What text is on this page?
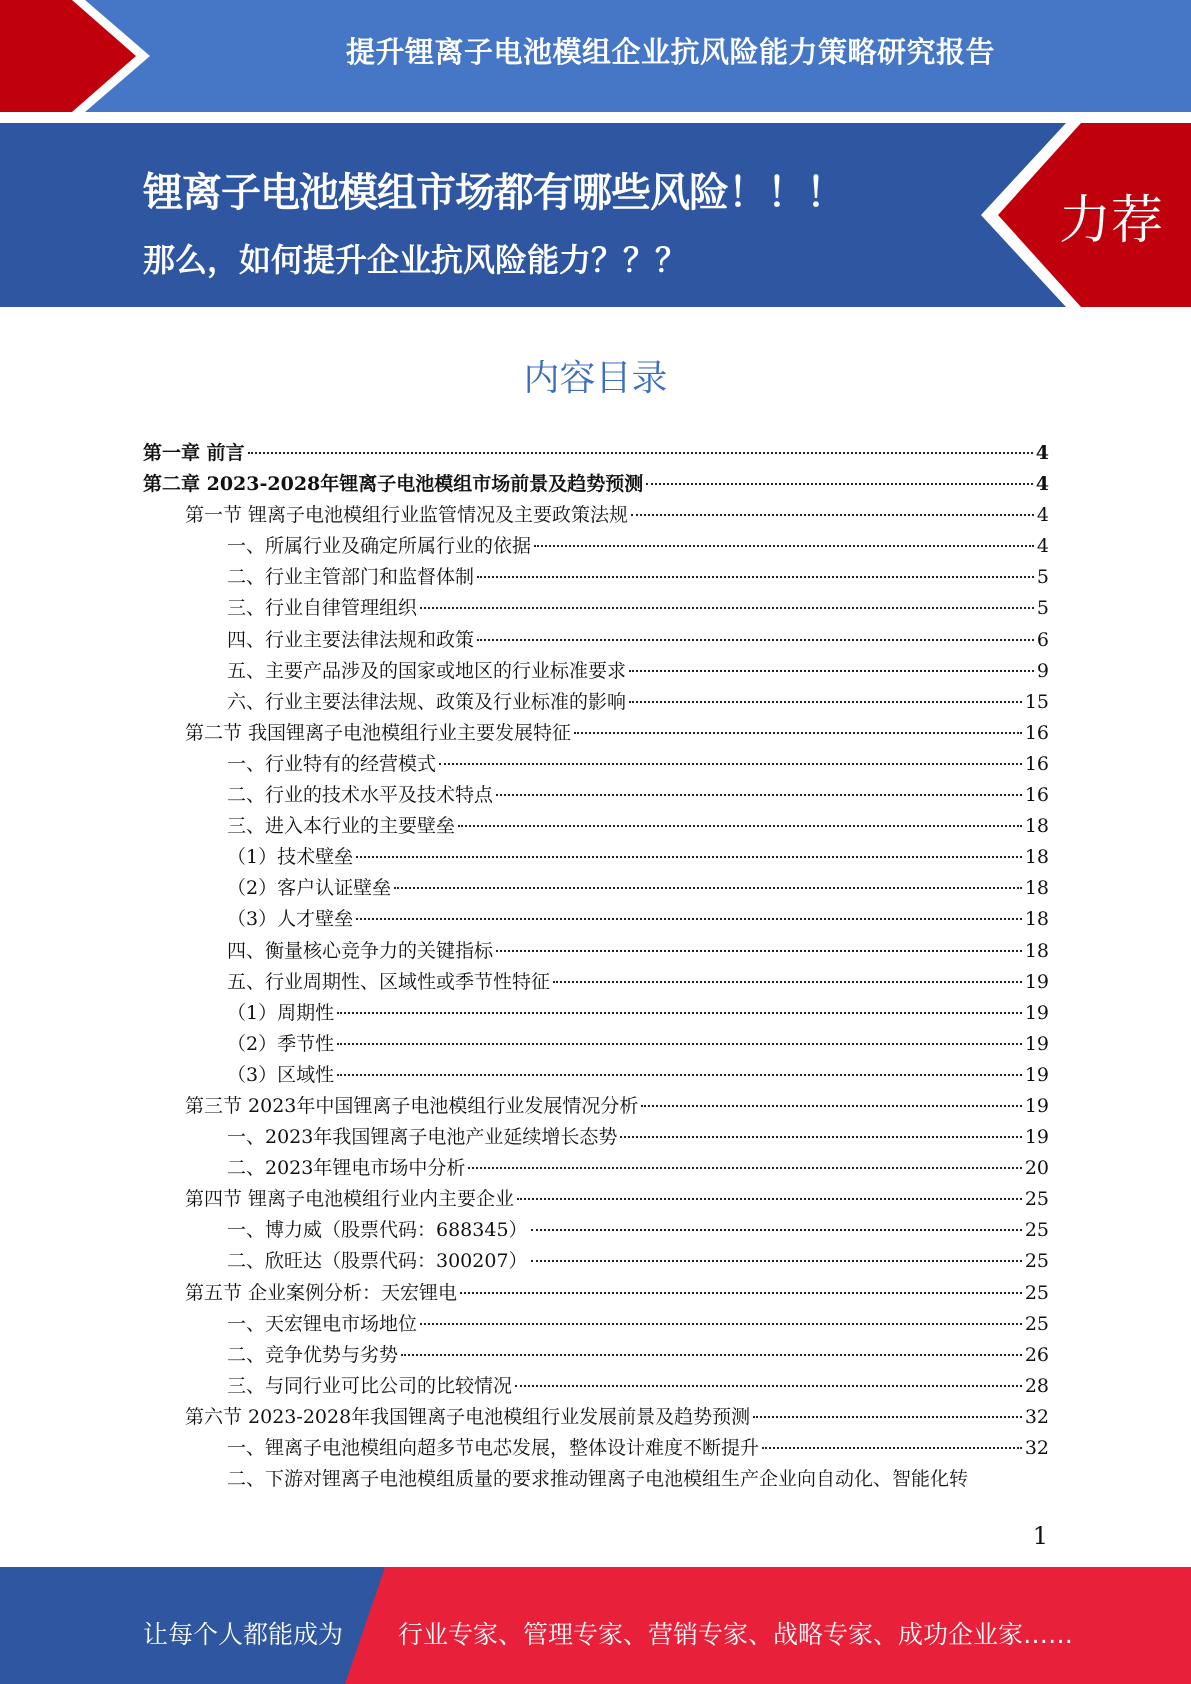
提升锂离子电池模组企业抗风险能力策略研究报告
锂离子电池模组市场都有哪些风险！！！
那么，如何提升企业抗风险能力？？？
力荐
内容目录
第一章 前言	4
第二章 2023-2028年锂离子电池模组市场前景及趋势预测	4
第一节 锂离子电池模组行业监管情况及主要政策法规	4
一、所属行业及确定所属行业的依据	4
二、行业主管部门和监督体制	5
三、行业自律管理组织	5
四、行业主要法律法规和政策	6
五、主要产品涉及的国家或地区的行业标准要求	9
六、行业主要法律法规、政策及行业标准的影响	15
第二节 我国锂离子电池模组行业主要发展特征	16
一、行业特有的经营模式	16
二、行业的技术水平及技术特点	16
三、进入本行业的主要壁垒	18
（1）技术壁垒	18
（2）客户认证壁垒	18
（3）人才壁垒	18
四、衡量核心竞争力的关键指标	18
五、行业周期性、区域性或季节性特征	19
（1）周期性	19
（2）季节性	19
（3）区域性	19
第三节 2023年中国锂离子电池模组行业发展情况分析	19
一、2023年我国锂离子电池产业延续增长态势	19
二、2023年锂电市场中分析	20
第四节 锂离子电池模组行业内主要企业	25
一、博力威（股票代码：688345）	25
二、欣旺达（股票代码：300207）	25
第五节 企业案例分析：天宏锂电	25
一、天宏锂电市场地位	25
二、竞争优势与劣势	26
三、与同行业可比公司的比较情况	28
第六节 2023-2028年我国锂离子电池模组行业发展前景及趋势预测	32
一、锂离子电池模组向超多节电芯发展，整体设计难度不断提升	32
二、下游对锂离子电池模组质量的要求推动锂离子电池模组生产企业向自动化、智能化转
1
让每个人都能成为 行业专家、管理专家、营销专家、战略专家、成功企业家……
